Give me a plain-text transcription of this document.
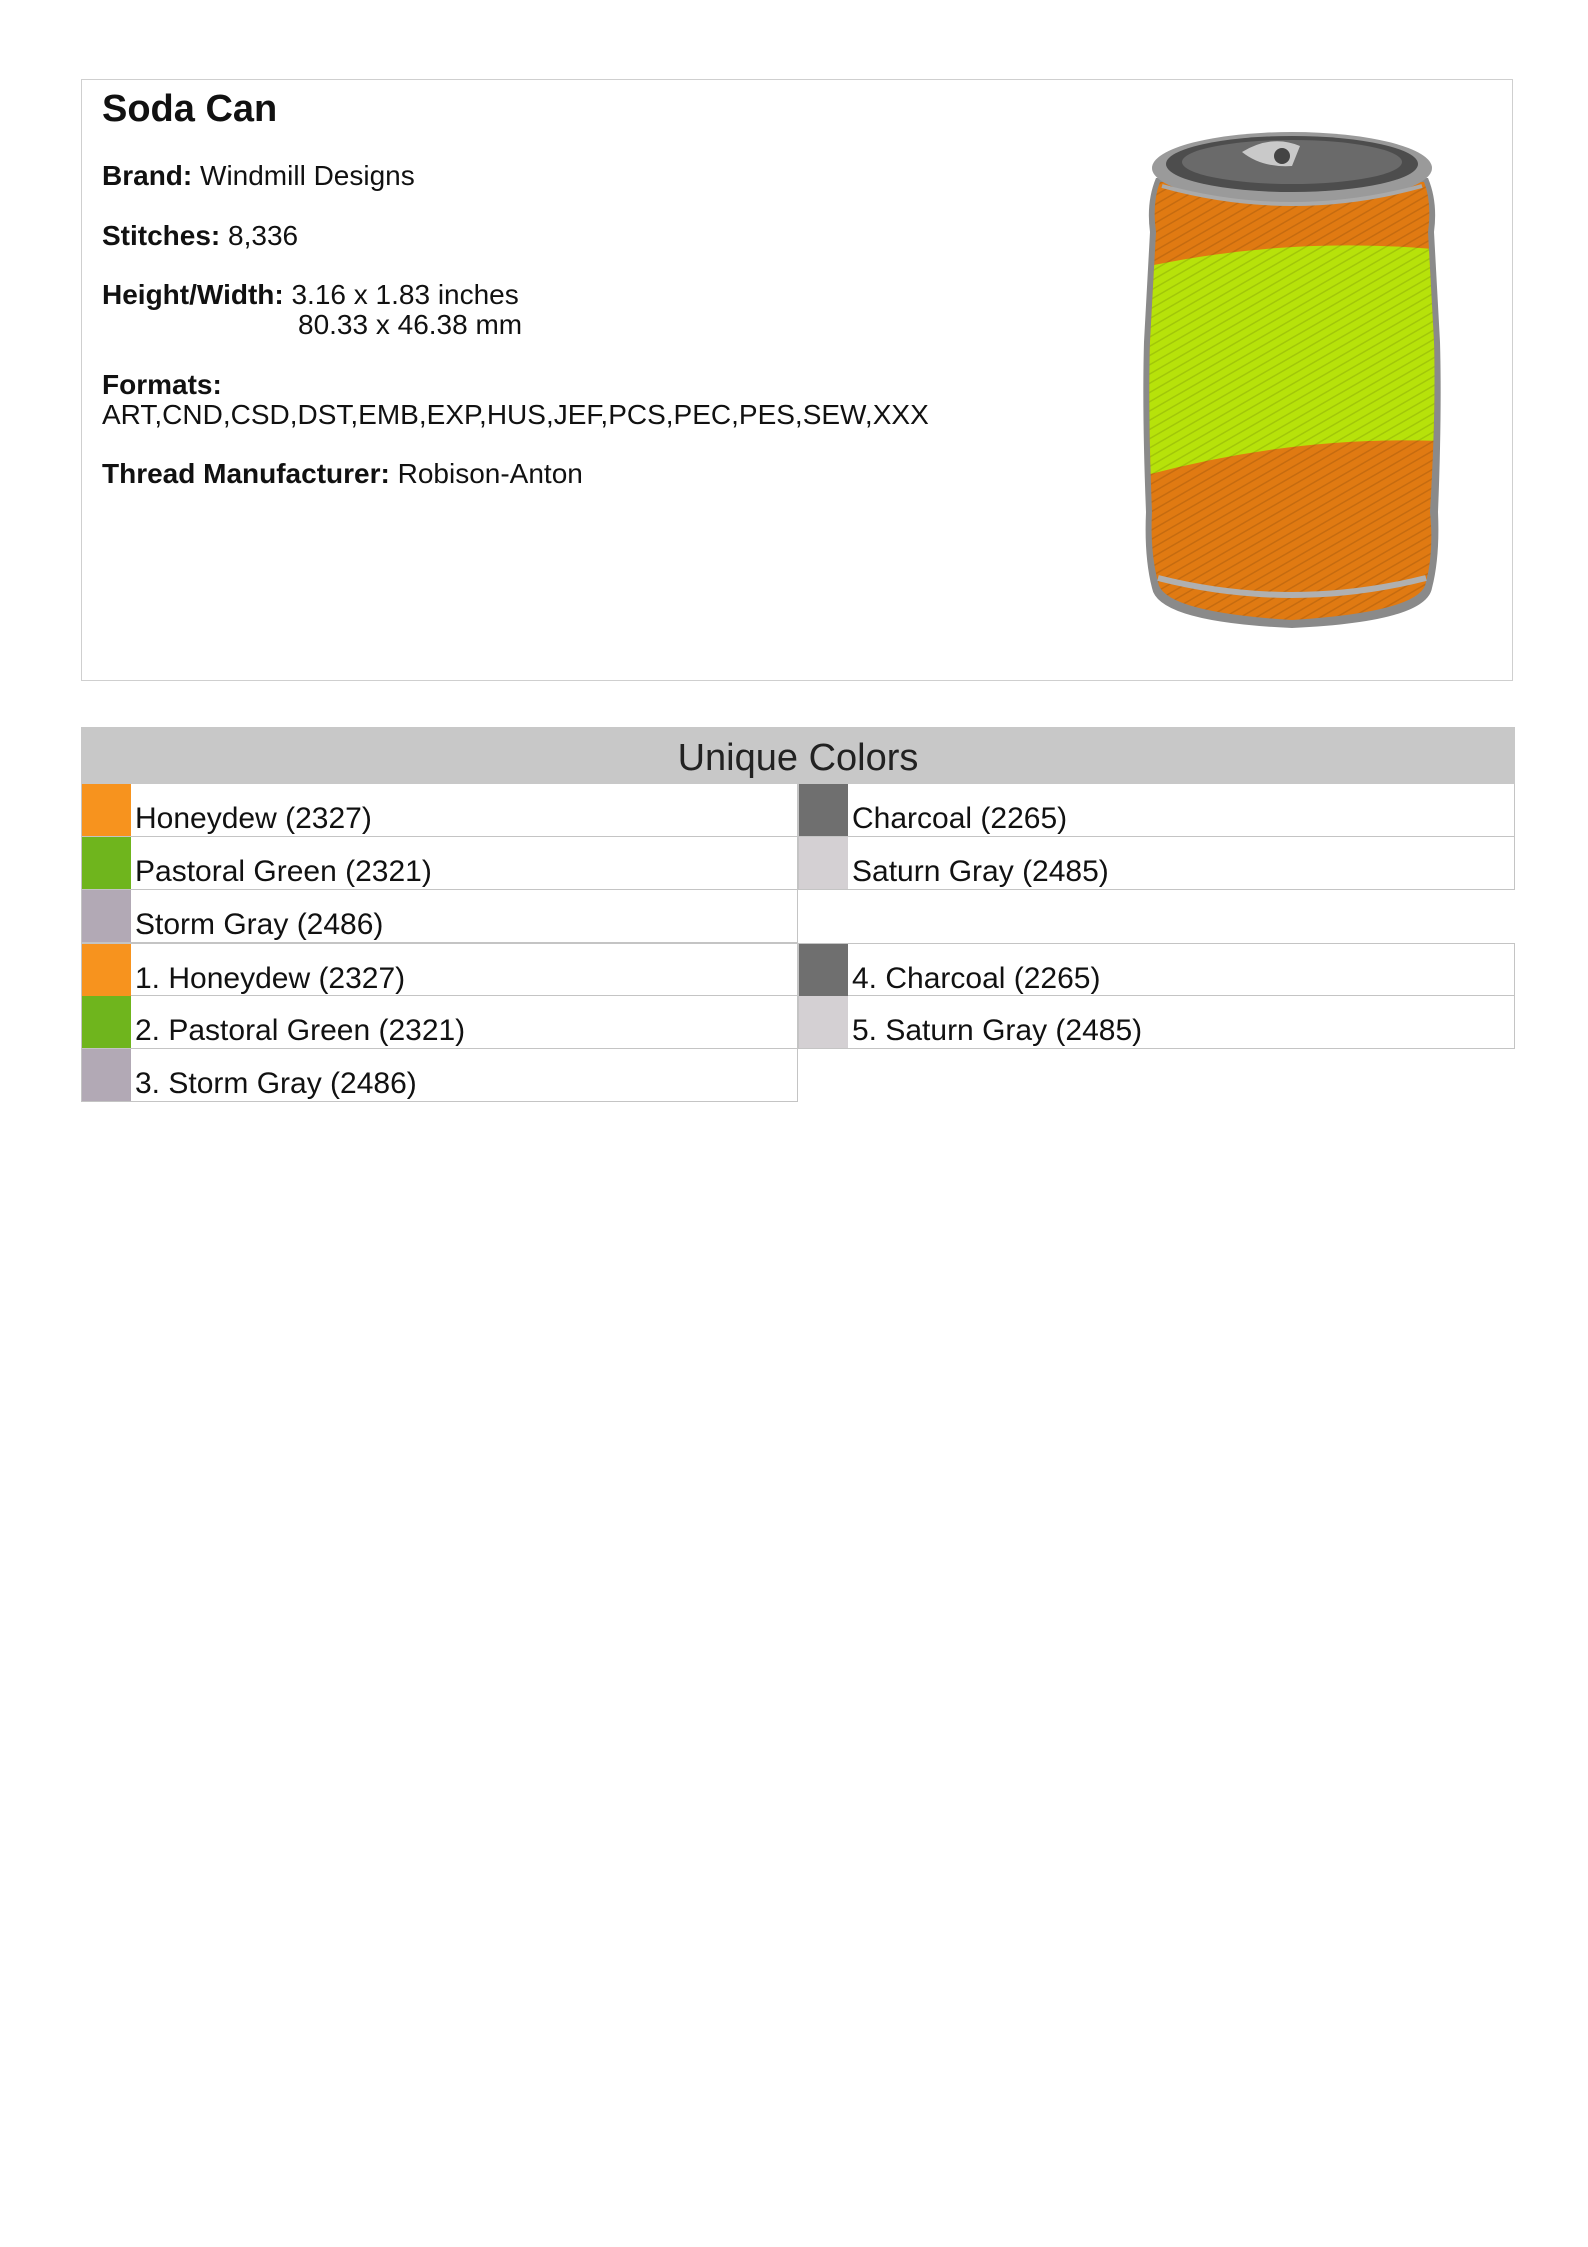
Soda Can
Brand: Windmill Designs
Stitches: 8,336
Height/Width: 3.16 x 1.83 inches
80.33 x 46.38 mm
Formats:
ART,CND,CSD,DST,EMB,EXP,HUS,JEF,PCS,PEC,PES,SEW,XXX
Thread Manufacturer: Robison-Anton
Unique Colors
Honeydew (2327)	Charcoal (2265)
Pastoral Green (2321)	Saturn Gray (2485)
Storm Gray (2486)
1. Honeydew (2327)	4. Charcoal (2265)
2. Pastoral Green (2321)	5. Saturn Gray (2485)
3. Storm Gray (2486)
